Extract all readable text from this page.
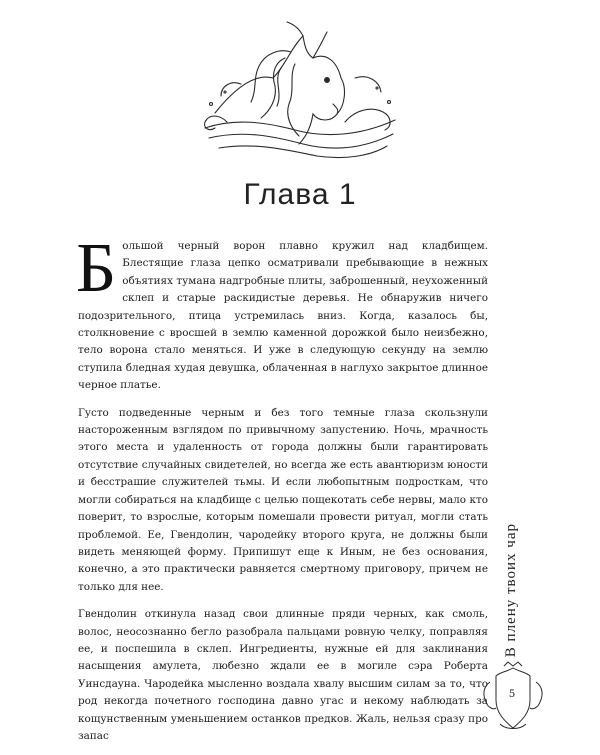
Глава 1

Большой черный ворон плавно кружил над кладбищем. Блестящие глаза цепко осматривали пребывающие в нежных объятиях тумана надгробные плиты, заброшенный, неухоженный склеп и старые раскидистые деревья. Не обнаружив ничего подозрительного, птица устремилась вниз. Когда, казалось бы, столкновение с вросшей в землю каменной дорожкой было неизбежно, тело ворона стало меняться. И уже в следующую секунду на землю ступила бледная худая девушка, облаченная в наглухо закрытое длинное черное платье.

Густо подведенные черным и без того темные глаза скользнули настороженным взглядом по привычному запустению. Ночь, мрачность этого места и удаленность от города должны были гарантировать отсутствие случайных свидетелей, но всегда же есть авантюризм юности и бесстрашие служителей тьмы. И если любопытным подросткам, что могли собираться на кладбище с целью пощекотать себе нервы, мало кто поверит, то взрослые, которым помешали провести ритуал, могли стать проблемой. Ее, Гвендолин, чародейку второго круга, не должны были видеть меняющей форму. Припишут еще к Иным, не без основания, конечно, а это практически равняется смертному приговору, причем не только для нее.

Гвендолин откинула назад свои длинные пряди черных, как смоль, волос, неосознанно бегло разобрала пальцами ровную челку, поправляя ее, и поспешила в склеп. Ингредиенты, нужные ей для заклинания насыщения амулета, любезно ждали ее в могиле сэра Роберта Уинсдауна. Чародейка мысленно воздала хвалу высшим силам за то, что род некогда почетного господина давно угас и некому наблюдать за кощунственным уменьшением останков предков. Жаль, нельзя сразу про запас

В плену твоих чар
5
